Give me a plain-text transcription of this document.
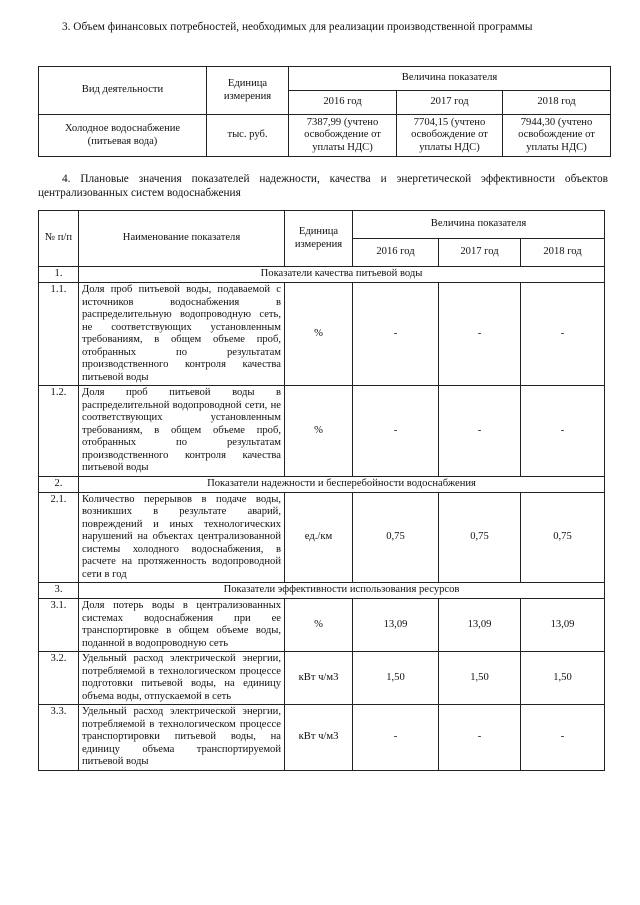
3. Объем финансовых потребностей, необходимых для реализации производственной программы
Вид деятельности	Единица измерения	Величина показателя		
		2016 год	2017 год	2018 год
Холодное водоснабжение (питьевая вода)	тыс. руб.	7387,99 (учтено освобождение от уплаты НДС)	7704,15 (учтено освобождение от уплаты НДС)	7944,30 (учтено освобождение от уплаты НДС)
4. Плановые значения показателей надежности, качества и энергетической эффективности объектов централизованных систем водоснабжения
№ п/п	Наименование показателя	Единица измерения	Величина показателя		
			2016 год	2017 год	2018 год
1.	Показатели качества питьевой воды				
1.1.	Доля проб питьевой воды, подаваемой с источников водоснабжения в распределительную водопроводную сеть, не соответствующих установленным требованиям, в общем объеме проб, отобранных по результатам производственного контроля качества питьевой воды	%	-	-	-
1.2.	Доля проб питьевой воды в распределительной водопроводной сети, не соответствующих установленным требованиям, в общем объеме проб, отобранных по результатам производственного контроля качества питьевой воды	%	-	-	-
2.	Показатели надежности и бесперебойности водоснабжения				
2.1.	Количество перерывов в подаче воды, возникших в результате аварий, повреждений и иных технологических нарушений на объектах централизованной системы холодного водоснабжения, в расчете на протяженность водопроводной сети в год	ед./км	0,75	0,75	0,75
3.	Показатели эффективности использования ресурсов				
3.1.	Доля потерь воды в централизованных системах водоснабжения при ее транспортировке в общем объеме воды, поданной в водопроводную сеть	%	13,09	13,09	13,09
3.2.	Удельный расход электрической энергии, потребляемой в технологическом процессе подготовки питьевой воды, на единицу объема воды, отпускаемой в сеть	кВт ч/м3	1,50	1,50	1,50
3.3.	Удельный расход электрической энергии, потребляемой в технологическом процессе транспортировки питьевой воды, на единицу объема транспортируемой питьевой воды	кВт ч/м3	-	-	-
